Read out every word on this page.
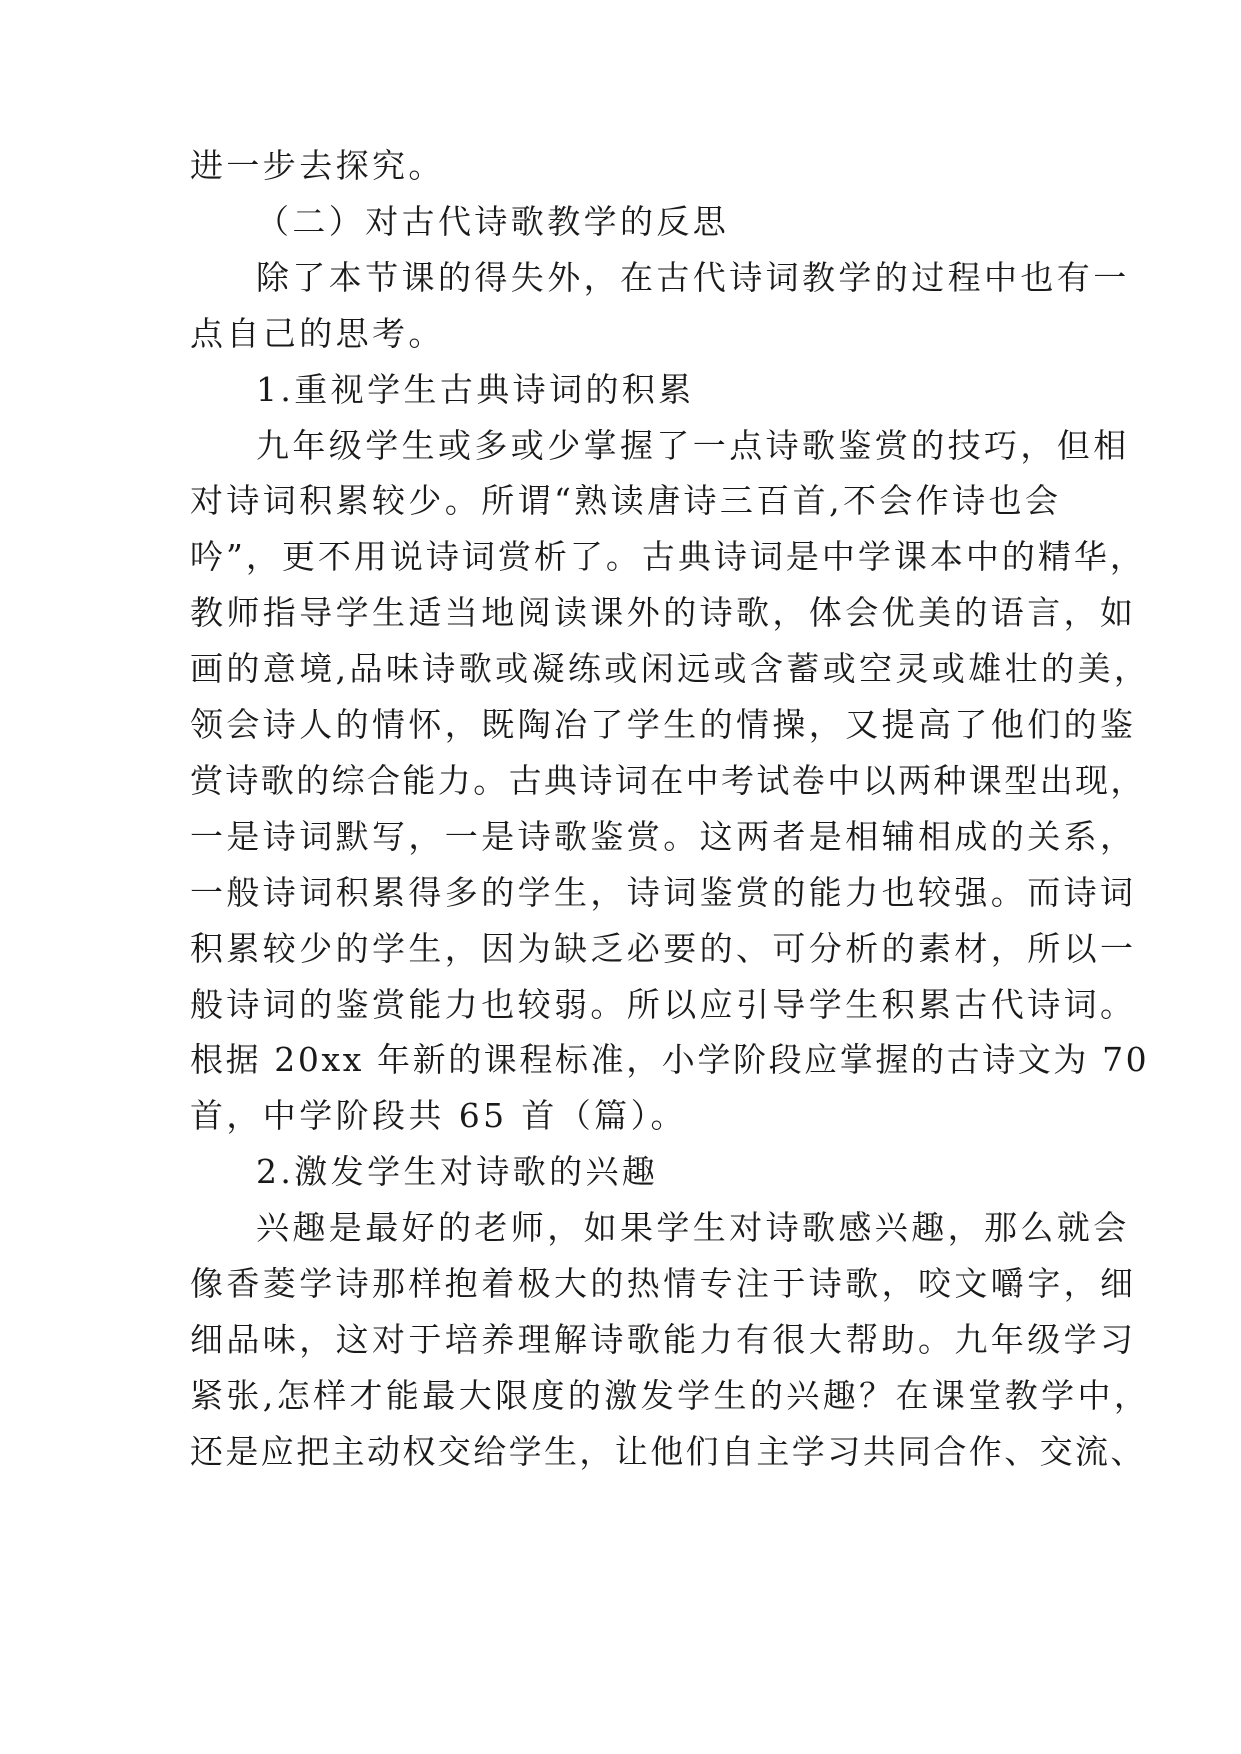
进一步去探究。

（二）对古代诗歌教学的反思

除了本节课的得失外，在古代诗词教学的过程中也有一

点自己的思考。

1.重视学生古典诗词的积累

九年级学生或多或少掌握了一点诗歌鉴赏的技巧，但相

对诗词积累较少。所谓“熟读唐诗三百首,不会作诗也会

吟”，更不用说诗词赏析了。古典诗词是中学课本中的精华，

教师指导学生适当地阅读课外的诗歌，体会优美的语言，如

画的意境,品味诗歌或凝练或闲远或含蓄或空灵或雄壮的美，

领会诗人的情怀，既陶冶了学生的情操，又提高了他们的鉴

赏诗歌的综合能力。古典诗词在中考试卷中以两种课型出现，

一是诗词默写，一是诗歌鉴赏。这两者是相辅相成的关系，

一般诗词积累得多的学生，诗词鉴赏的能力也较强。而诗词

积累较少的学生，因为缺乏必要的、可分析的素材，所以一

般诗词的鉴赏能力也较弱。所以应引导学生积累古代诗词。

根据 20xx 年新的课程标准，小学阶段应掌握的古诗文为 70

首，中学阶段共 65 首（篇）。

2.激发学生对诗歌的兴趣

兴趣是最好的老师，如果学生对诗歌感兴趣，那么就会

像香菱学诗那样抱着极大的热情专注于诗歌，咬文嚼字，细

细品味，这对于培养理解诗歌能力有很大帮助。九年级学习

紧张,怎样才能最大限度的激发学生的兴趣？在课堂教学中，

还是应把主动权交给学生，让他们自主学习共同合作、交流、
